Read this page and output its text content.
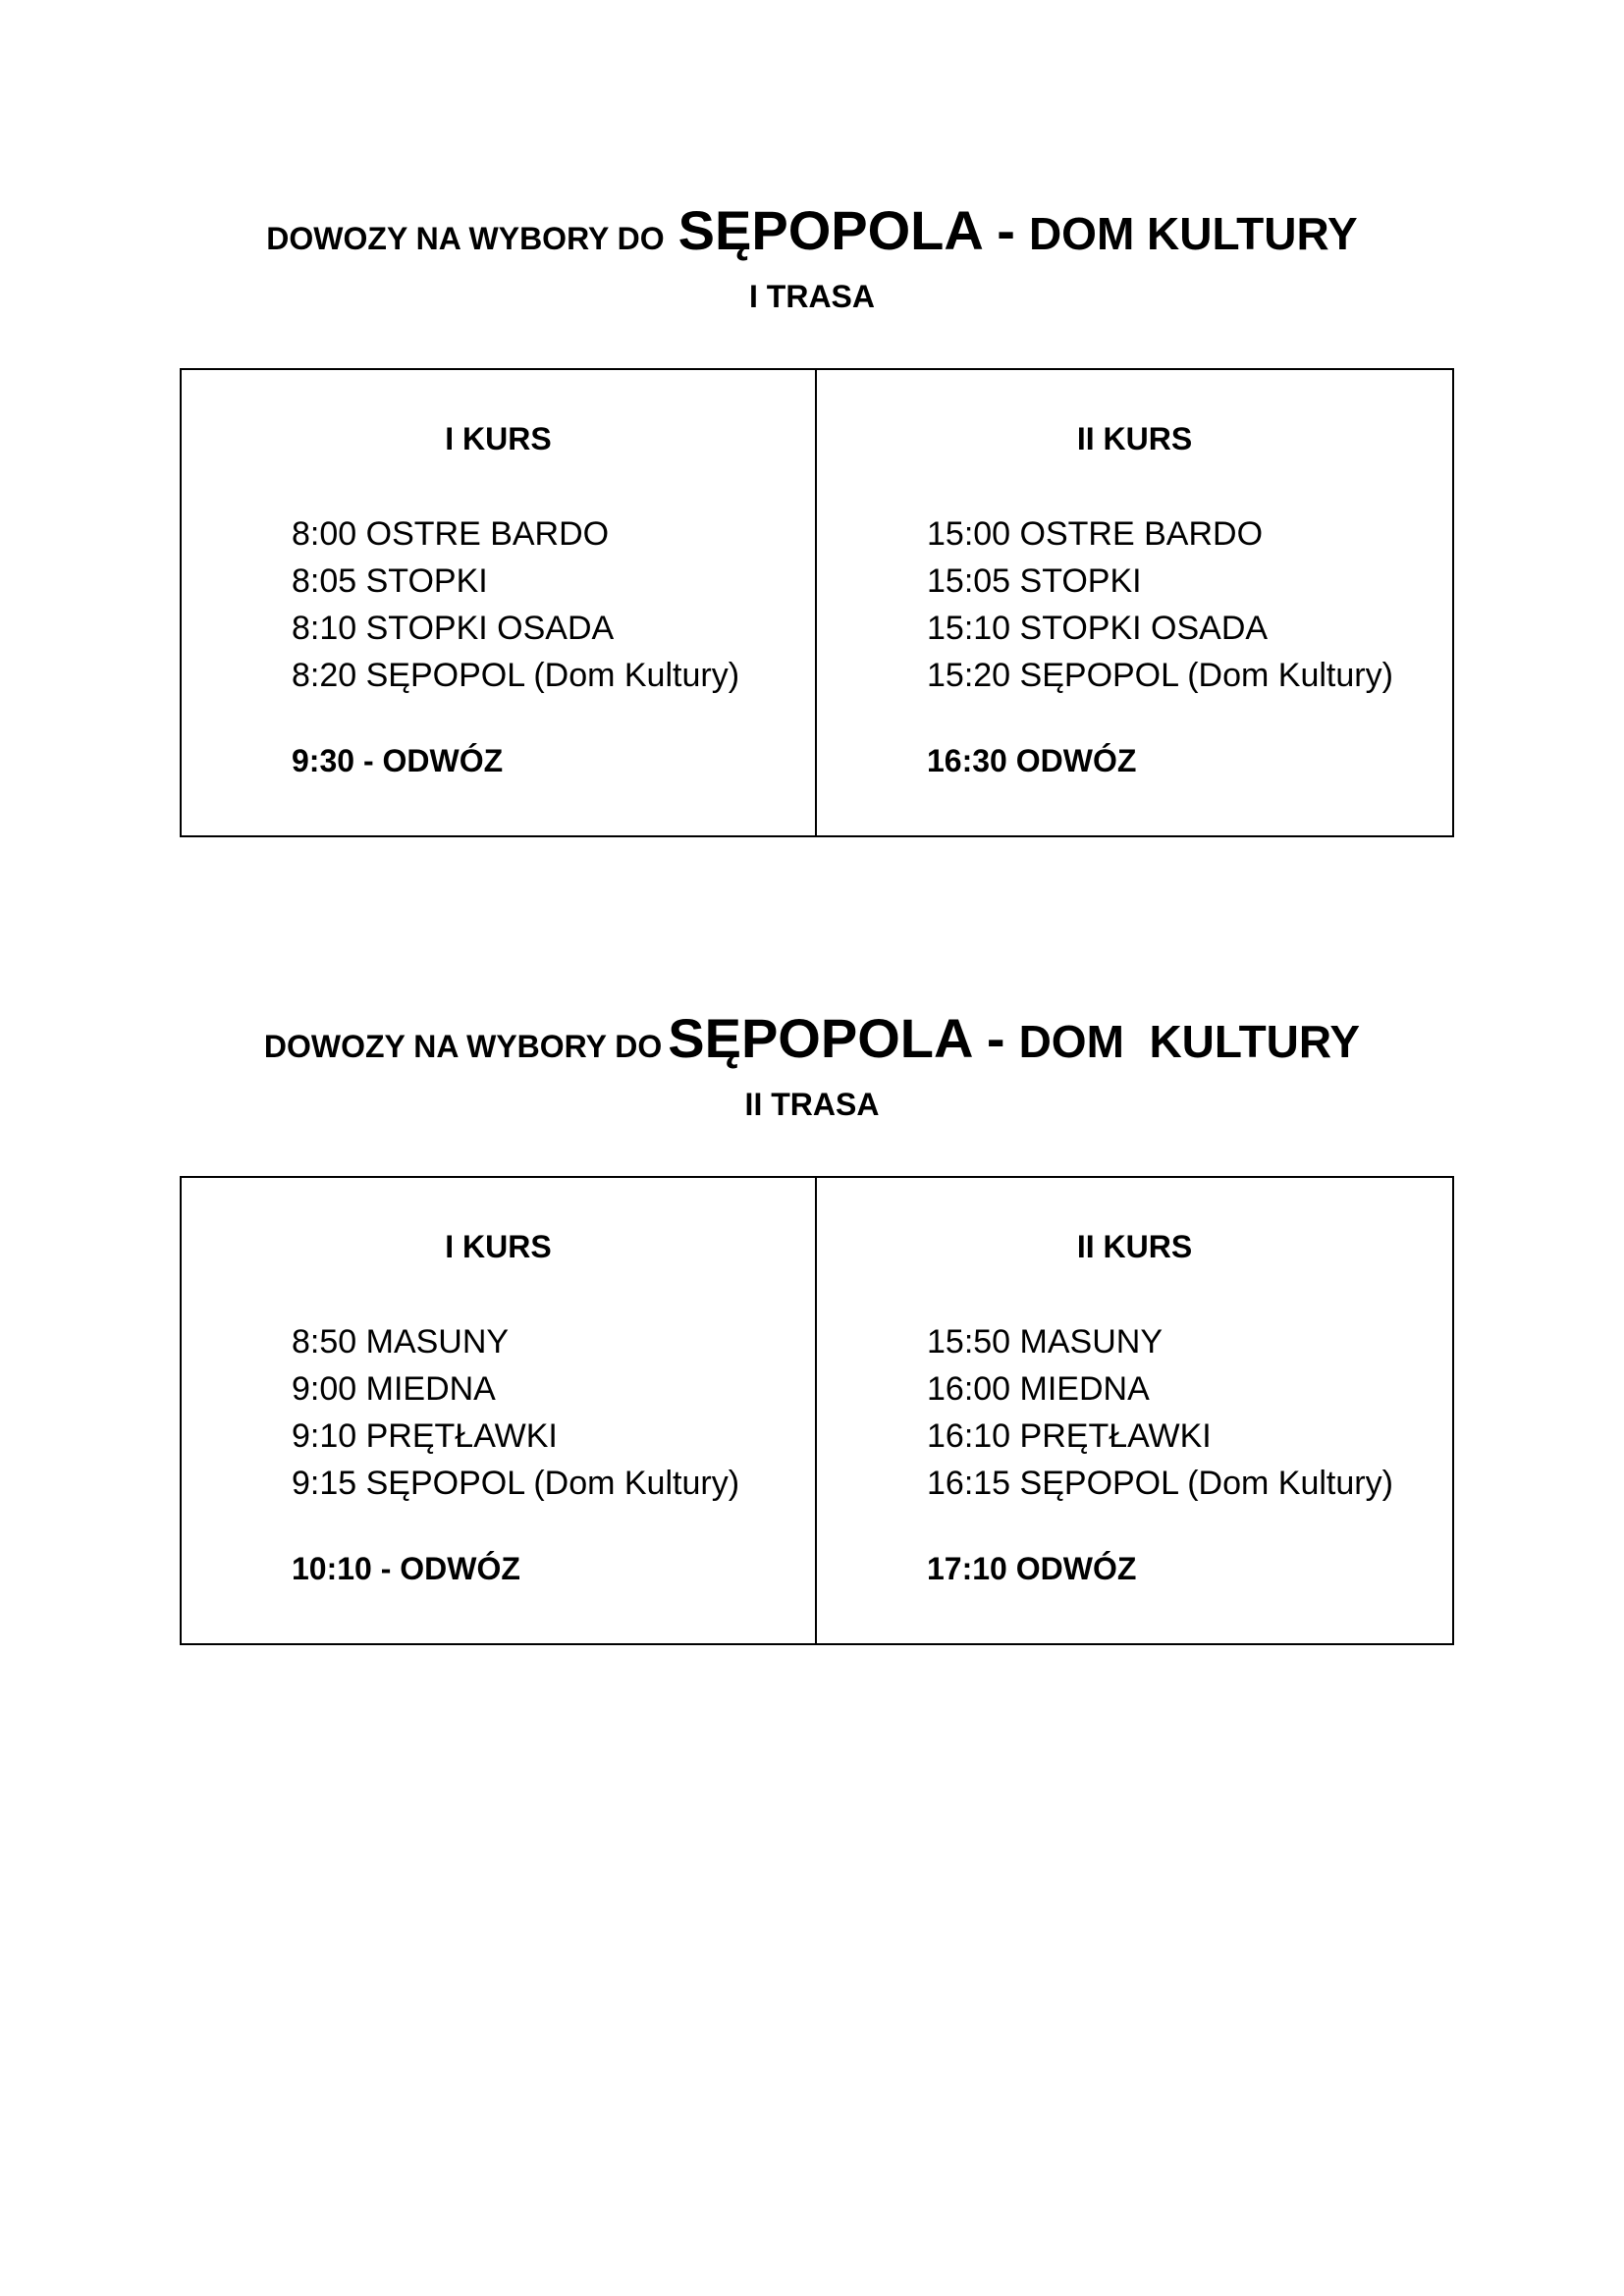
DOWOZY NA WYBORY DO SĘPOPOLA - DOM KULTURY
I TRASA
I KURS
8:00 OSTRE BARDO
8:05 STOPKI
8:10 STOPKI OSADA
8:20 SĘPOPOL (Dom Kultury)
9:30 - ODWÓZ
II KURS
15:00 OSTRE BARDO
15:05 STOPKI
15:10 STOPKI OSADA
15:20 SĘPOPOL (Dom Kultury)
16:30 ODWÓZ
DOWOZY NA WYBORY DO SĘPOPOLA - DOM  KULTURY
II TRASA
I KURS
8:50 MASUNY
9:00 MIEDNA
9:10 PRĘTŁAWKI
9:15 SĘPOPOL (Dom Kultury)
10:10 - ODWÓZ
II KURS
15:50 MASUNY
16:00 MIEDNA
16:10 PRĘTŁAWKI
16:15 SĘPOPOL (Dom Kultury)
17:10 ODWÓZ
